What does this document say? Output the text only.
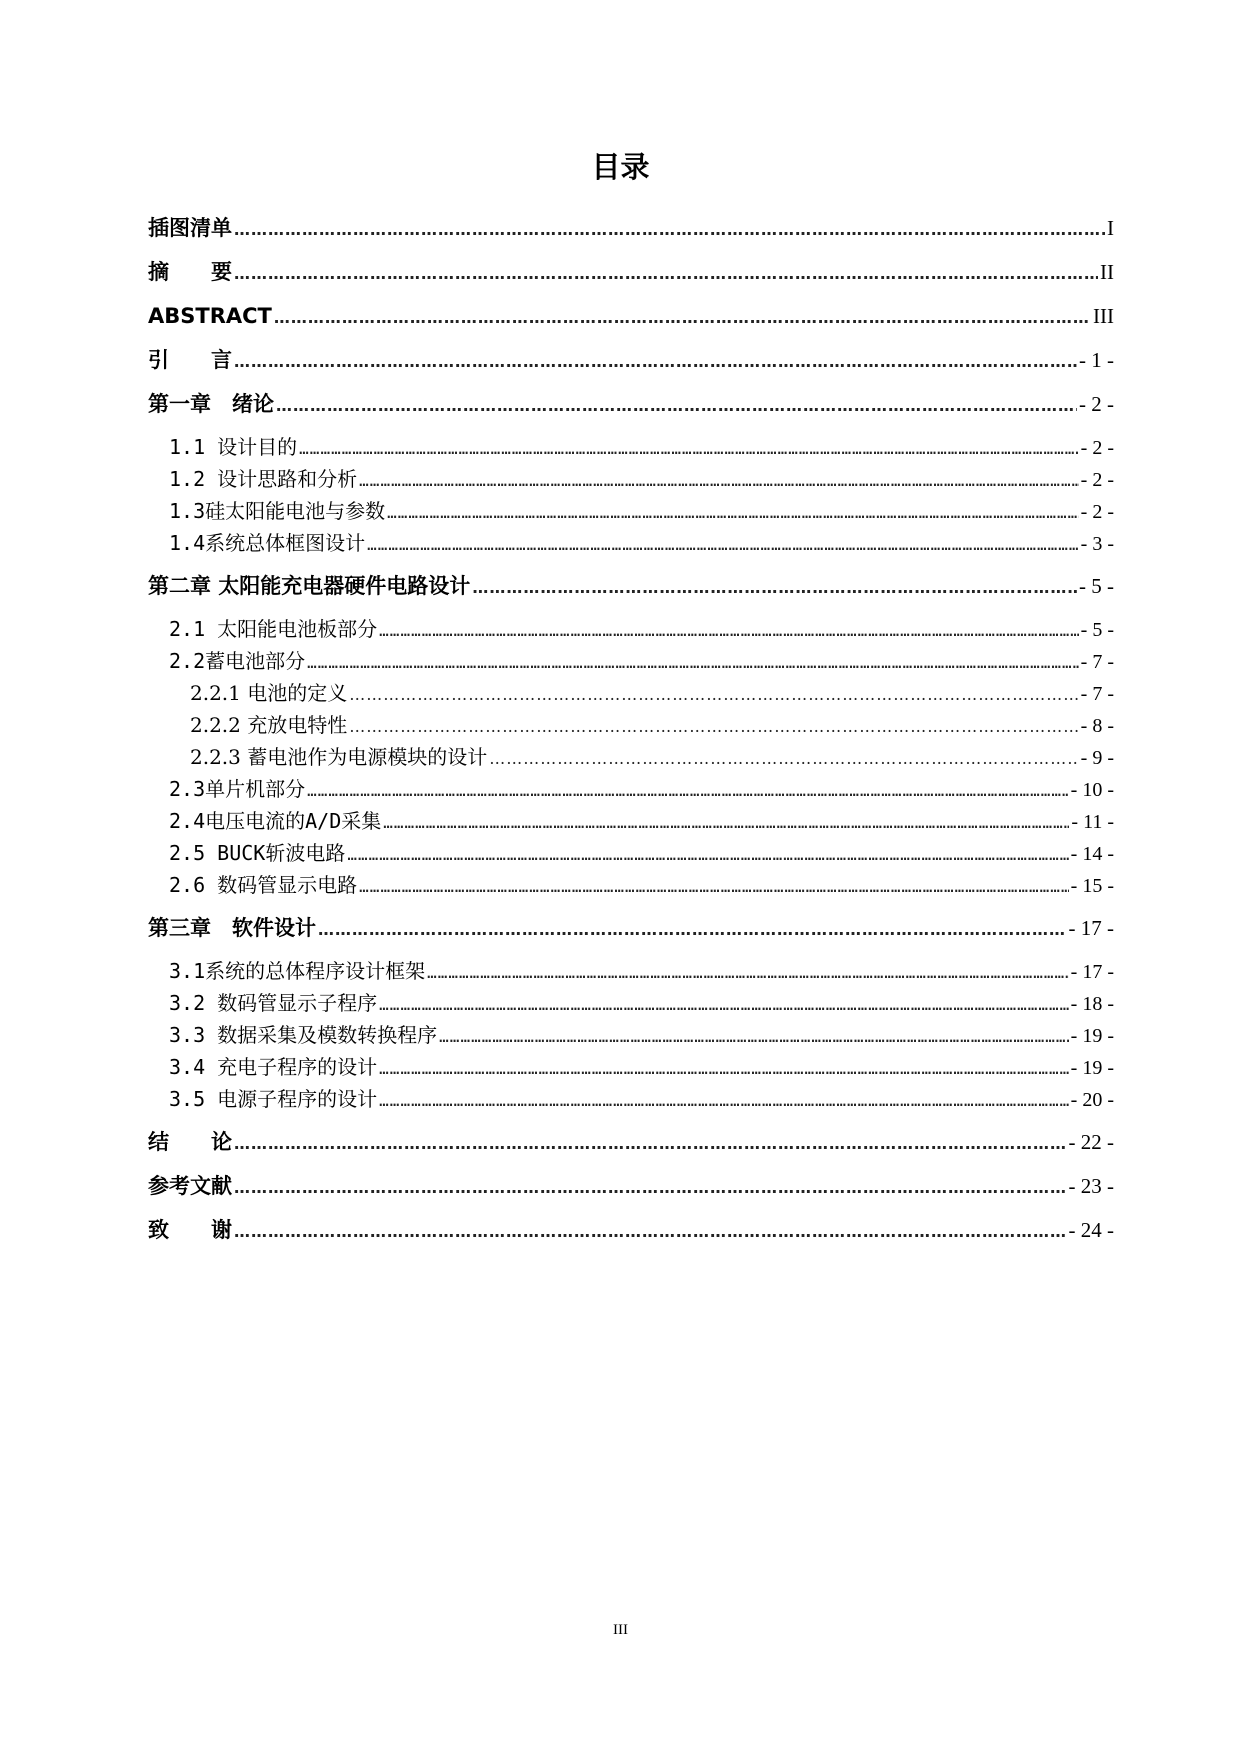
目录
插图清单 ……………………………………………………………………………………………………………………………………………………………………………………………………………	I
摘　　要 ……………………………………………………………………………………………………………………………………………………………………………………………………………	II
ABSTRACT ……………………………………………………………………………………………………………………………………………………………………………………………………………	III
引　　言 ……………………………………………………………………………………………………………………………………………………………………………………………………………	- 1 -
第一章　绪论 ……………………………………………………………………………………………………………………………………………………………………………………………………………	- 2 -
1.1 设计目的 ……………………………………………………………………………………………………………………………………………………………………………………………………………	- 2 -
1.2 设计思路和分析 ……………………………………………………………………………………………………………………………………………………………………………………………………………	- 2 -
1.3硅太阳能电池与参数 ……………………………………………………………………………………………………………………………………………………………………………………………………………	- 2 -
1.4系统总体框图设计 ……………………………………………………………………………………………………………………………………………………………………………………………………………	- 3 -
第二章 太阳能充电器硬件电路设计 ……………………………………………………………………………………………………………………………………………………………………………………………………………	- 5 -
2.1 太阳能电池板部分 ……………………………………………………………………………………………………………………………………………………………………………………………………………	- 5 -
2.2蓄电池部分 ……………………………………………………………………………………………………………………………………………………………………………………………………………	- 7 -
2.2.1 电池的定义 ……………………………………………………………………………………………………………………………………………………………………………………………………………	- 7 -
2.2.2 充放电特性 ……………………………………………………………………………………………………………………………………………………………………………………………………………	- 8 -
2.2.3 蓄电池作为电源模块的设计 ……………………………………………………………………………………………………………………………………………………………………………………………………………	- 9 -
2.3单片机部分 ……………………………………………………………………………………………………………………………………………………………………………………………………………	- 10 -
2.4电压电流的A/D采集 ……………………………………………………………………………………………………………………………………………………………………………………………………………	- 11 -
2.5 BUCK斩波电路 ……………………………………………………………………………………………………………………………………………………………………………………………………………	- 14 -
2.6 数码管显示电路 ……………………………………………………………………………………………………………………………………………………………………………………………………………	- 15 -
第三章　软件设计 ……………………………………………………………………………………………………………………………………………………………………………………………………………	- 17 -
3.1系统的总体程序设计框架 ……………………………………………………………………………………………………………………………………………………………………………………………………………	- 17 -
3.2 数码管显示子程序 ……………………………………………………………………………………………………………………………………………………………………………………………………………	- 18 -
3.3 数据采集及模数转换程序 ……………………………………………………………………………………………………………………………………………………………………………………………………………	- 19 -
3.4 充电子程序的设计 ……………………………………………………………………………………………………………………………………………………………………………………………………………	- 19 -
3.5 电源子程序的设计 ……………………………………………………………………………………………………………………………………………………………………………………………………………	- 20 -
结　　论 ……………………………………………………………………………………………………………………………………………………………………………………………………………	- 22 -
参考文献 ……………………………………………………………………………………………………………………………………………………………………………………………………………	- 23 -
致　　谢 ……………………………………………………………………………………………………………………………………………………………………………………………………………	- 24 -
III
